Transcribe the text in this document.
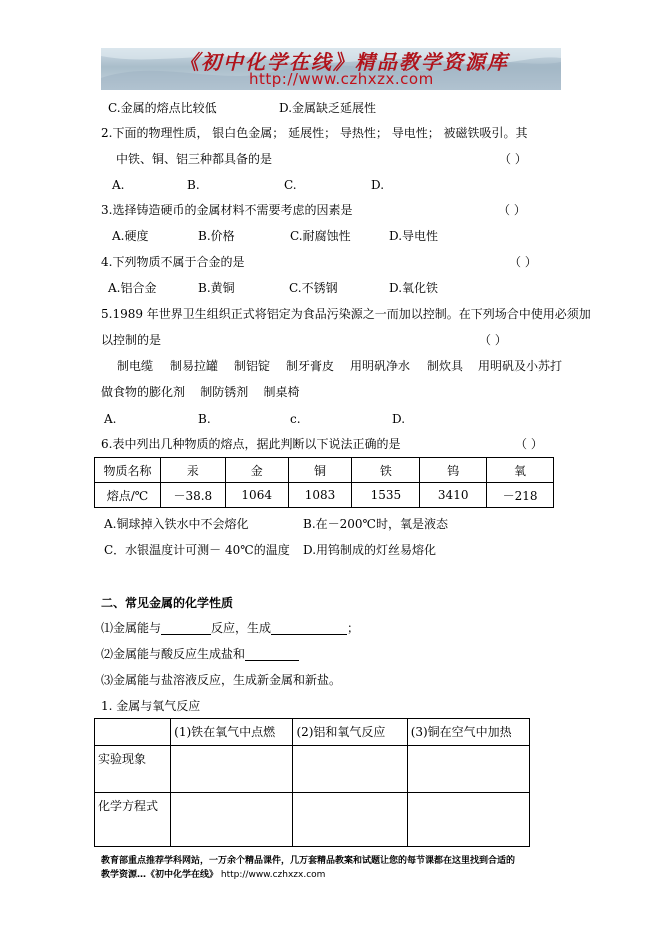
《初中化学在线》精品教学资源库
http://www.czhxzx.com
C.金属的熔点比较低	D.金属缺乏延展性
2.下面的物理性质， 银白色金属； 延展性； 导热性； 导电性； 被磁铁吸引。其
中铁、铜、铝三种都具备的是	（ ）
A.	B.	C.	D.
3.选择铸造硬币的金属材料不需要考虑的因素是	（ ）
A.硬度	B.价格	C.耐腐蚀性	D.导电性
4.下列物质不属于合金的是	（ ）
A.铝合金	B.黄铜	C.不锈钢	D.氧化铁
5.1989 年世界卫生组织正式将铝定为食品污染源之一而加以控制。在下列场合中使用必须加
以控制的是	（ ）
制电缆 制易拉罐 制铝锭 制牙膏皮 用明矾净水 制炊具 用明矾及小苏打
做食物的膨化剂    制防锈剂    制桌椅
A.	B.	c.	D.
6.表中列出几种物质的熔点，据此判断以下说法正确的是	（ ）
物质名称	汞	金	铜	铁	钨	氧
熔点/℃	－38.8	1064	1083	1535	3410	－218
A.铜球掉入铁水中不会熔化	B.在－200℃时，氧是液态
C．水银温度计可测－ 40℃的温度 D.用钨制成的灯丝易熔化
二、常见金属的化学性质
⑴金属能与	反应，生成	；
⑵金属能与酸反应生成盐和
⑶金属能与盐溶液反应，生成新金属和新盐。
1. 金属与氧气反应
	(1)铁在氧气中点燃	(2)铝和氧气反应	(3)铜在空气中加热
实验现象			
化学方程式			
教育部重点推荐学科网站，一万余个精品课件，几万套精品教案和试题让您的每节课都在这里找到合适的
教学资源…《初中化学在线》 http://www.czhxzx.com
